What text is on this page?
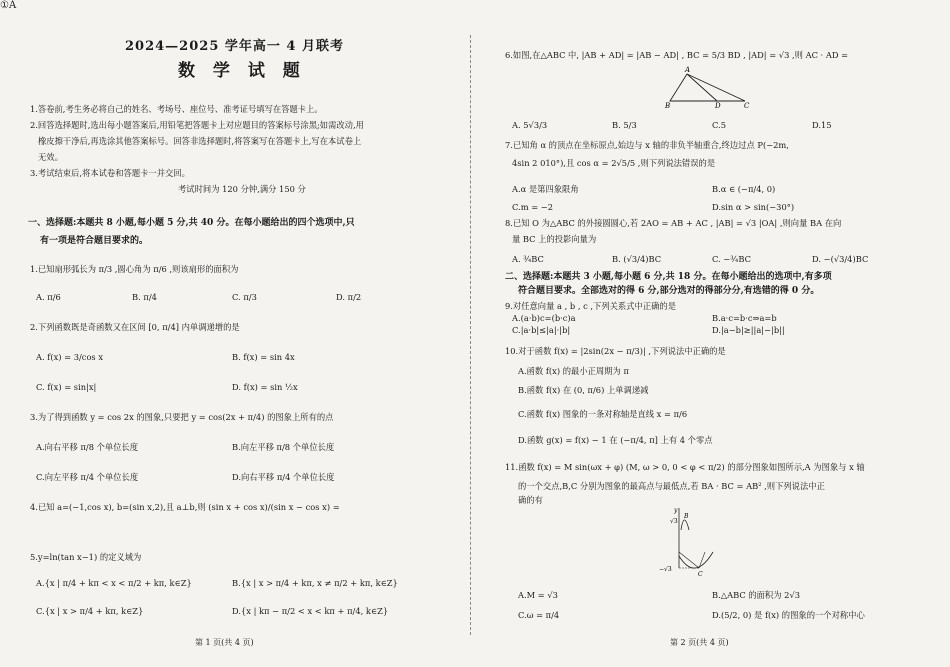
①A
2024—2025 学年高一 4 月联考
数 学 试 题
1.答卷前,考生务必将自己的姓名、考场号、座位号、准考证号填写在答题卡上。
2.回答选择题时,选出每小题答案后,用铅笔把答题卡上对应题目的答案标号涂黑;如需改动,用
橡皮擦干净后,再选涂其他答案标号。回答非选择题时,将答案写在答题卡上,写在本试卷上
无效。
3.考试结束后,将本试卷和答题卡一并交回。
考试时间为 120 分钟,满分 150 分
一、选择题:本题共 8 小题,每小题 5 分,共 40 分。在每小题给出的四个选项中,只
有一项是符合题目要求的。
1.已知扇形弧长为 π/3 ,圆心角为 π/6 ,则该扇形的面积为
A. π/6	B. π/4	C. π/3	D. π/2
2.下列函数既是奇函数又在区间 [0, π/4] 内单调递增的是
A. f(x) = 3/cos x	B. f(x) = sin 4x
C. f(x) = sin|x|	D. f(x) = sin ½x
3.为了得到函数 y = cos 2x 的图象,只要把 y = cos(2x + π/4) 的图象上所有的点
A.向右平移 π/8 个单位长度	B.向左平移 π/8 个单位长度
C.向左平移 π/4 个单位长度	D.向右平移 π/4 个单位长度
4.已知 a=(−1,cos x), b=(sin x,2),且 a⊥b,则 (sin x + cos x)/(sin x − cos x) =
5.y=ln(tan x−1) 的定义域为
A.{x | π/4 + kπ < x < π/2 + kπ, k∈Z}	B.{x | x > π/4 + kπ, x ≠ π/2 + kπ, k∈Z}
C.{x | x > π/4 + kπ, k∈Z}	D.{x | kπ − π/2 < x < kπ + π/4, k∈Z}
第 1 页(共 4 页)
6.如图,在△ABC 中, |AB + AD| = |AB − AD| , BC = 5/3 BD , |AD| = √3 ,则 AC · AD =
A
B	D	C
A. 5√3/3	B. 5/3	C.5	D.15
7.已知角 α 的顶点在坐标原点,始边与 x 轴的非负半轴重合,终边过点 P(−2m,
4sin 2 010°),且 cos α = 2√5/5 ,则下列说法错误的是
A.α 是第四象限角	B.α ∈ (−π/4, 0)
C.m = −2	D.sin α > sin(−30°)
8.已知 O 为△ABC 的外接圆圆心,若 2AO = AB + AC , |AB| = √3 |OA| ,则向量 BA 在向
量 BC 上的投影向量为
A. ¾BC	B. (√3/4)BC	C. −¾BC	D. −(√3/4)BC
二、选择题:本题共 3 小题,每小题 6 分,共 18 分。在每小题给出的选项中,有多项
符合题目要求。全部选对的得 6 分,部分选对的得部分分,有选错的得 0 分。
9.对任意向量 a , b , c ,下列关系式中正确的是
A.(a·b)c=(b·c)a	B.a·c=b·c⇒a=b
C.|a·b|≤|a|·|b|	D.|a−b|≥||a|−|b||
10.对于函数 f(x) = |2sin(2x − π/3)| ,下列说法中正确的是
A.函数 f(x) 的最小正周期为 π
B.函数 f(x) 在 (0, π/6) 上单调递减
C.函数 f(x) 图象的一条对称轴是直线 x = π/6
D.函数 g(x) = f(x) − 1 在 (−π/4, π] 上有 4 个零点
11.函数 f(x) = M sin(ωx + φ) (M, ω > 0, 0 < φ < π/2) 的部分图象如图所示,A 为图象与 x 轴
的一个交点,B,C 分别为图象的最高点与最低点,若 BA · BC = AB² ,则下列说法中正
确的有
y
√3
B
−√3
C
A.M = √3	B.△ABC 的面积为 2√3
C.ω = π/4	D.(5/2, 0) 是 f(x) 的图象的一个对称中心
第 2 页(共 4 页)
